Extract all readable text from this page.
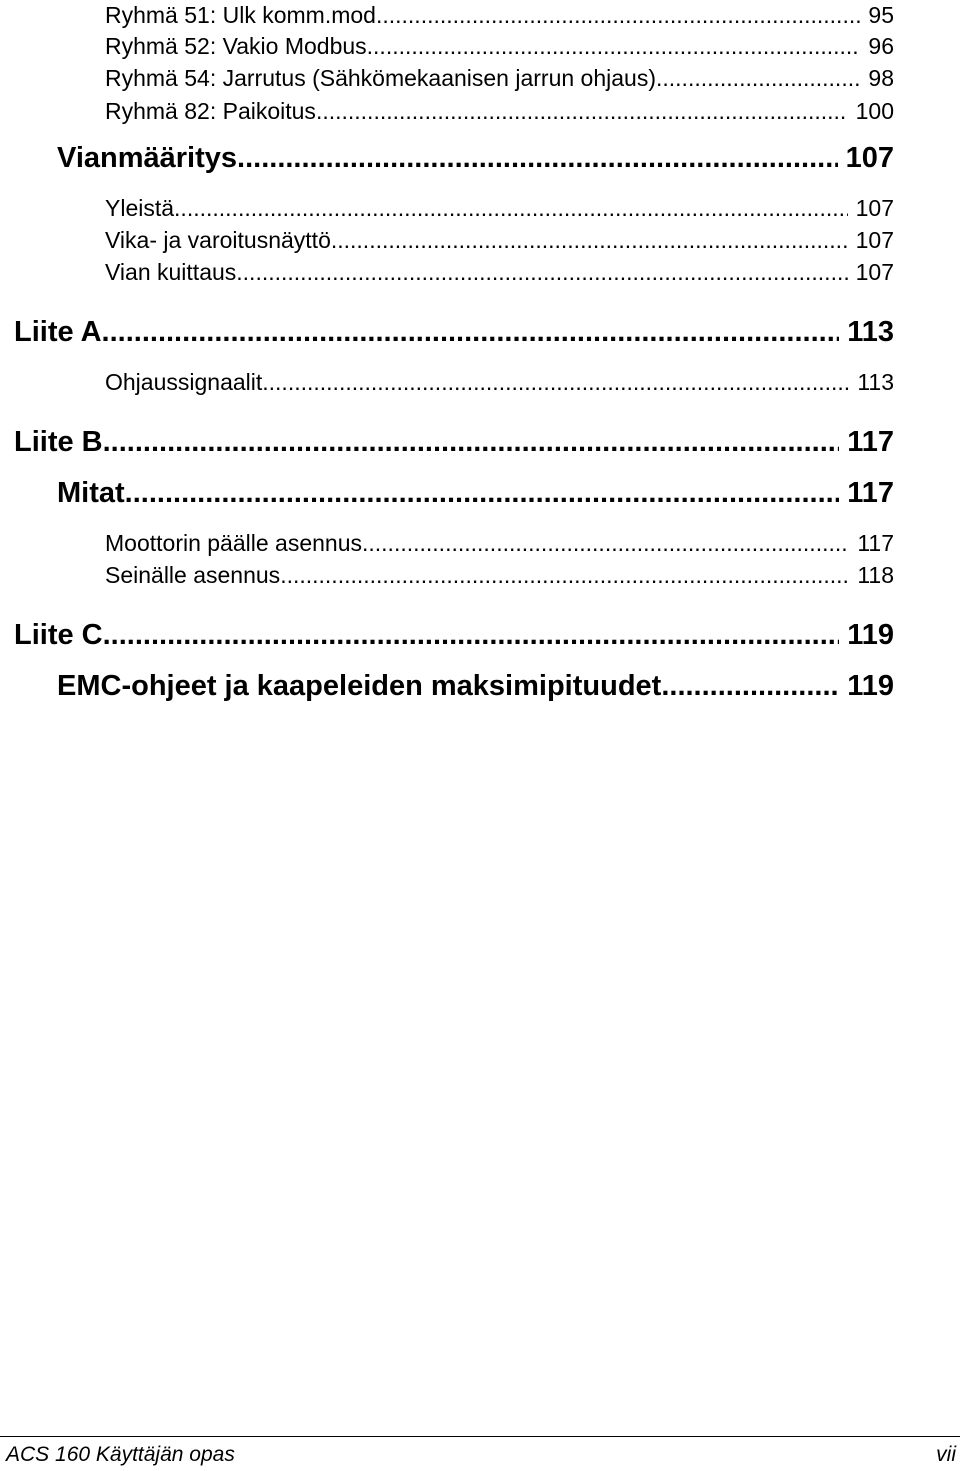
Ryhmä 51: Ulk komm.mod. .....	95
Ryhmä 52: Vakio Modbus .....	96
Ryhmä 54: Jarrutus (Sähkömekaanisen jarrun ohjaus) .....	98
Ryhmä 82: Paikoitus .....	100
Vianmääritys .....	107
Yleistä .....	107
Vika- ja varoitusnäyttö .....	107
Vian kuittaus .....	107
Liite A .....	113
Ohjaussignaalit .....	113
Liite B .....	117
Mitat .....	117
Moottorin päälle asennus .....	117
Seinälle asennus .....	118
Liite C .....	119
EMC-ohjeet ja kaapeleiden maksimipituudet .....	119
ACS 160 Käyttäjän opas	vii
